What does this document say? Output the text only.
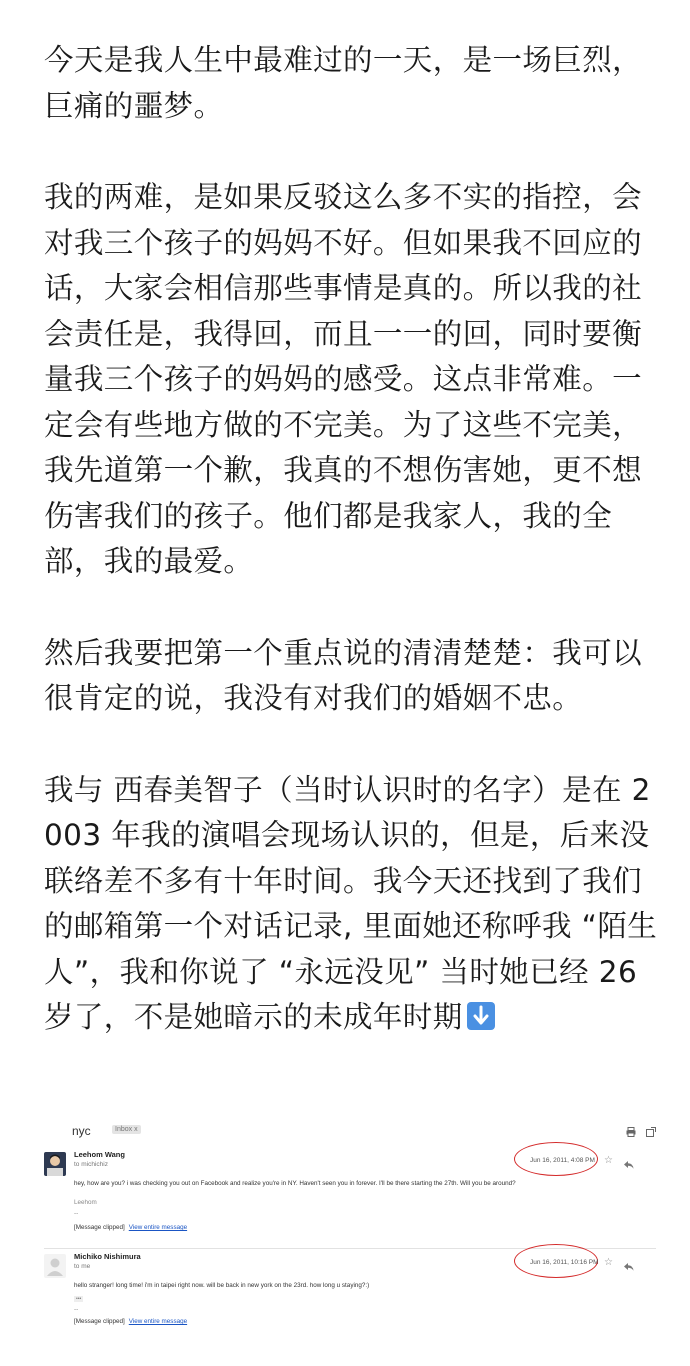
今天是我人生中最难过的一天，是一场巨烈，巨痛的噩梦。

我的两难，是如果反驳这么多不实的指控，会对我三个孩子的妈妈不好。但如果我不回应的话，大家会相信那些事情是真的。所以我的社会责任是，我得回，而且一一的回，同时要衡量我三个孩子的妈妈的感受。这点非常难。一定会有些地方做的不完美。为了这些不完美，我先道第一个歉，我真的不想伤害她，更不想伤害我们的孩子。他们都是我家人，我的全部，我的最爱。

然后我要把第一个重点说的清清楚楚：我可以很肯定的说，我没有对我们的婚姻不忠。

我与 西春美智子（当时认识时的名字）是在 2003 年我的演唱会现场认识的，但是，后来没联络差不多有十年时间。我今天还找到了我们的邮箱第一个对话记录, 里面她还称呼我 “陌生人”，我和你说了 “永远没见” 当时她已经 26岁了，不是她暗示的未成年时期

nyc	Inbox x
Leehom Wang
to michichiz
Jun 16, 2011, 4:08 PM ☆
hey, how are you? i was checking you out on Facebook and realize you're in NY. Haven't seen you in forever. I'll be there starting the 27th. Will you be around?
Leehom
--
[Message clipped] View entire message
Michiko Nishimura
to me
Jun 16, 2011, 10:16 PM ☆
hello stranger! long time! i'm in taipei right now. will be back in new york on the 23rd. how long u staying?:)
•••
--
[Message clipped] View entire message
